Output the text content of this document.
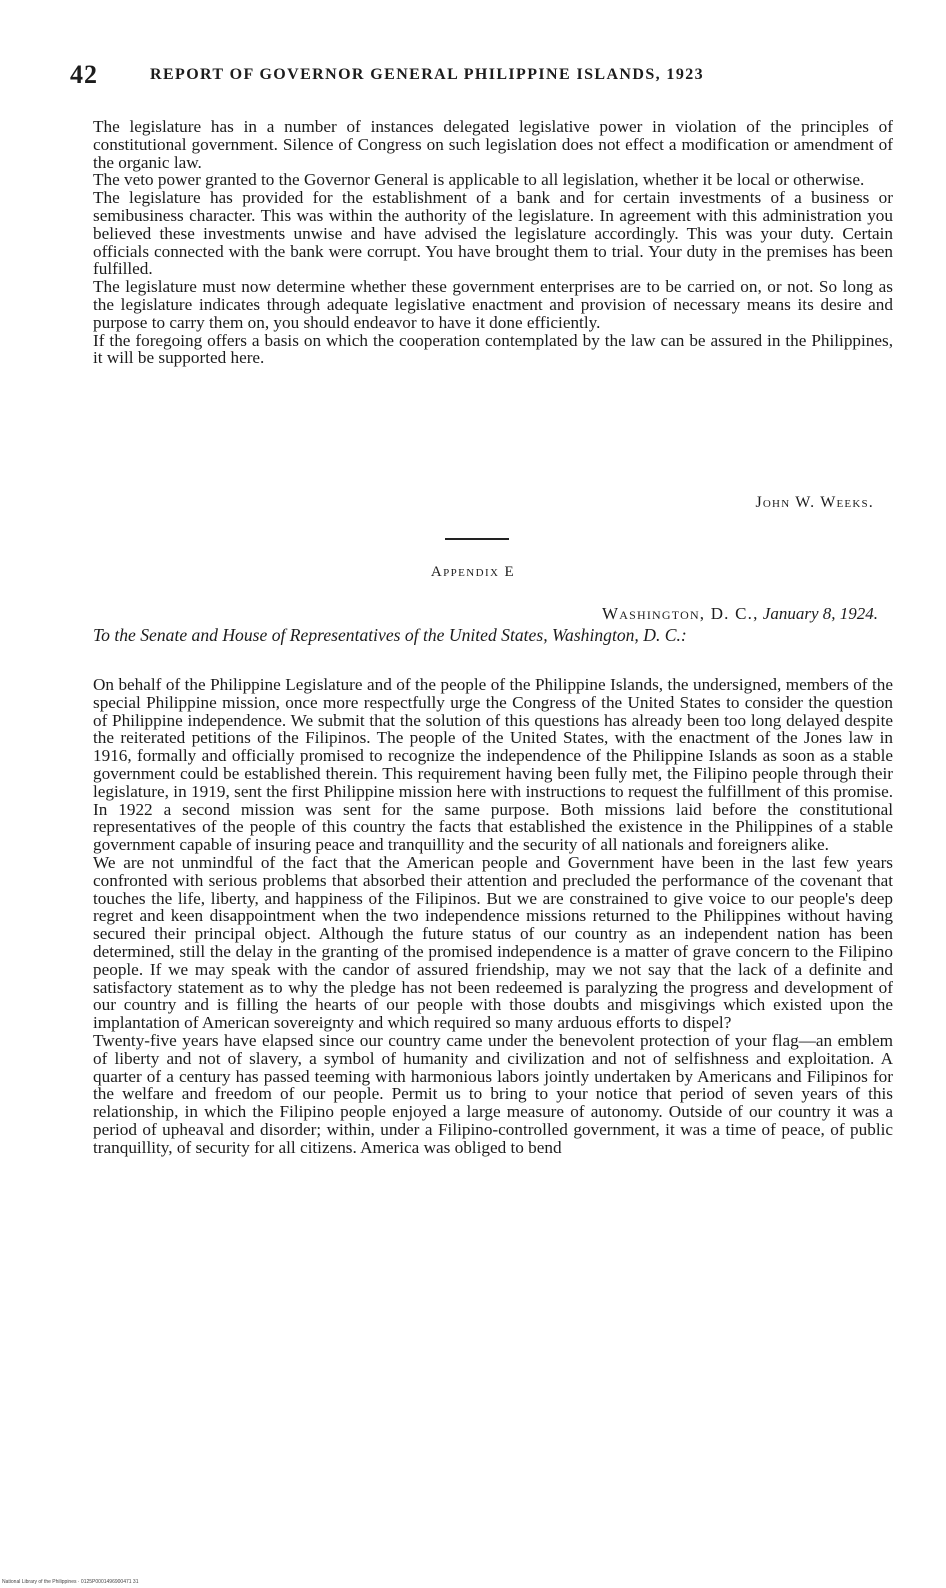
42	REPORT OF GOVERNOR GENERAL PHILIPPINE ISLANDS, 1923

The legislature has in a number of instances delegated legislative power in violation of the principles of constitutional government. Silence of Congress on such legislation does not effect a modification or amendment of the organic law.

The veto power granted to the Governor General is applicable to all legislation, whether it be local or otherwise.

The legislature has provided for the establishment of a bank and for certain investments of a business or semibusiness character. This was within the authority of the legislature. In agreement with this administration you believed these investments unwise and have advised the legislature accordingly. This was your duty. Certain officials connected with the bank were corrupt. You have brought them to trial. Your duty in the premises has been fulfilled.

The legislature must now determine whether these government enterprises are to be carried on, or not. So long as the legislature indicates through adequate legislative enactment and provision of necessary means its desire and purpose to carry them on, you should endeavor to have it done efficiently.

If the foregoing offers a basis on which the cooperation contemplated by the law can be assured in the Philippines, it will be supported here.

John W. Weeks.
Appendix E
Washington, D. C., January 8, 1924.
To the Senate and House of Representatives of the United States, Washington, D. C.:

On behalf of the Philippine Legislature and of the people of the Philippine Islands, the undersigned, members of the special Philippine mission, once more respectfully urge the Congress of the United States to consider the question of Philippine independence. We submit that the solution of this questions has already been too long delayed despite the reiterated petitions of the Filipinos. The people of the United States, with the enactment of the Jones law in 1916, formally and officially promised to recognize the independence of the Philippine Islands as soon as a stable government could be established therein. This requirement having been fully met, the Filipino people through their legislature, in 1919, sent the first Philippine mission here with instructions to request the fulfillment of this promise. In 1922 a second mission was sent for the same purpose. Both missions laid before the constitutional representatives of the people of this country the facts that established the existence in the Philippines of a stable government capable of insuring peace and tranquillity and the security of all nationals and foreigners alike.

We are not unmindful of the fact that the American people and Government have been in the last few years confronted with serious problems that absorbed their attention and precluded the performance of the covenant that touches the life, liberty, and happiness of the Filipinos. But we are constrained to give voice to our people's deep regret and keen disappointment when the two independence missions returned to the Philippines without having secured their principal object. Although the future status of our country as an independent nation has been determined, still the delay in the granting of the promised independence is a matter of grave concern to the Filipino people. If we may speak with the candor of assured friendship, may we not say that the lack of a definite and satisfactory statement as to why the pledge has not been redeemed is paralyzing the progress and development of our country and is filling the hearts of our people with those doubts and misgivings which existed upon the implantation of American sovereignty and which required so many arduous efforts to dispel?

Twenty-five years have elapsed since our country came under the benevolent protection of your flag—an emblem of liberty and not of slavery, a symbol of humanity and civilization and not of selfishness and exploitation. A quarter of a century has passed teeming with harmonious labors jointly undertaken by Americans and Filipinos for the welfare and freedom of our people. Permit us to bring to your notice that period of seven years of this relationship, in which the Filipino people enjoyed a large measure of autonomy. Outside of our country it was a period of upheaval and disorder; within, under a Filipino-controlled government, it was a time of peace, of public tranquillity, of security for all citizens. America was obliged to bend

National Library of the Philippines · 0125P0001496900471 31
